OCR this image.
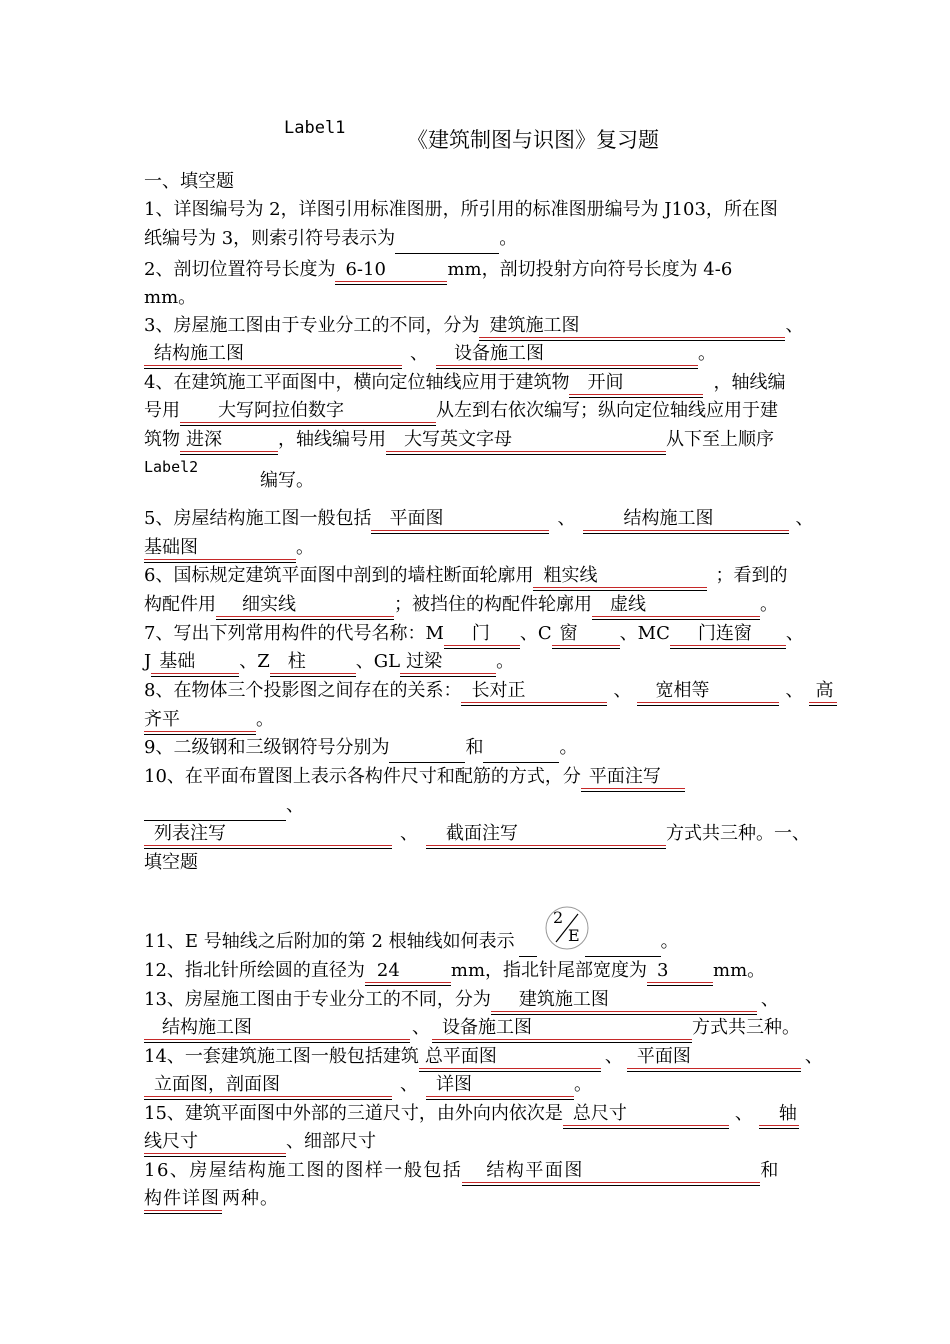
Label1	《建筑制图与识图》复习题
一、填空题
1、详图编号为 2，详图引用标准图册，所引用的标准图册编号为 J103，所在图
纸编号为 3，则索引符号表示为	。
2、剖切位置符号长度为 6-10	mm，剖切投射方向符号长度为 4-6
mm。
3、房屋施工图由于专业分工的不同，分为 建筑施工图	、
结构施工图	、 设备施工图	。
4、在建筑施工平面图中，横向定位轴线应用于建筑物 开间	，轴线编
号用 大写阿拉伯数字	从左到右依次编写；纵向定位轴线应用于建
筑物 进深	，轴线编号用 大写英文字母	从下至上顺序
Label2
编写。
5、房屋结构施工图一般包括 平面图	、	结构施工图	、
基础图	。
6、国标规定建筑平面图中剖到的墙柱断面轮廓用 粗实线	；看到的
构配件用 细实线	；被挡住的构配件轮廓用 虚线	。
7、写出下列常用构件的代号名称：M 门 、C 窗 、MC 门连窗 、
J 基础 、Z 柱	、GL 过梁	。
8、在物体三个投影图之间存在的关系： 长对正	、 宽相等	、 高
齐平	。
9、二级钢和三级钢符号分别为	和	。
10、在平面布置图上表示各构件尺寸和配筋的方式，分 平面注写
、
列表注写	、 截面注写	方式共三种。一、
填空题
11、E 号轴线之后附加的第 2 根轴线如何表示	。
2
E
12、指北针所绘圆的直径为 24	mm，指北针尾部宽度为 3 mm。
13、房屋施工图由于专业分工的不同，分为 建筑施工图	、
结构施工图	、 设备施工图	方式共三种。
14、一套建筑施工图一般包括建筑 总平面图	、 平面图	、
立面图，剖面图	、 详图	。
15、建筑平面图中外部的三道尺寸，由外向内依次是 总尺寸	、 轴
线尺寸	、细部尺寸
16、房屋结构施工图的图样一般包括 结构平面图	和
构件详图 两种。
